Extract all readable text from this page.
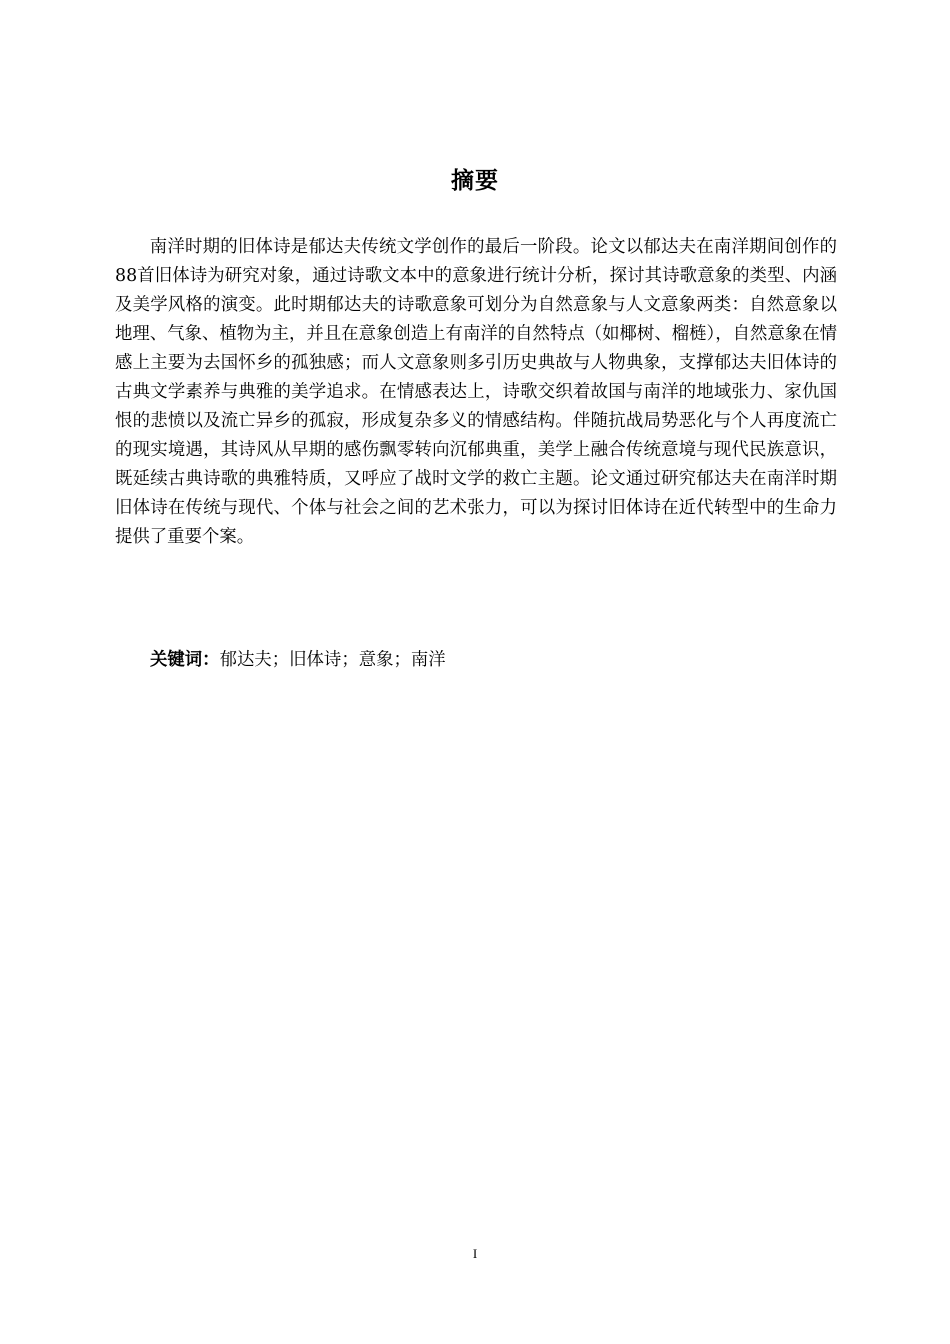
摘要

南洋时期的旧体诗是郁达夫传统文学创作的最后一阶段。论文以郁达夫在南洋期间创作的88首旧体诗为研究对象，通过诗歌文本中的意象进行统计分析，探讨其诗歌意象的类型、内涵及美学风格的演变。此时期郁达夫的诗歌意象可划分为自然意象与人文意象两类：自然意象以地理、气象、植物为主，并且在意象创造上有南洋的自然特点（如椰树、榴梿），自然意象在情感上主要为去国怀乡的孤独感；而人文意象则多引历史典故与人物典象，支撑郁达夫旧体诗的古典文学素养与典雅的美学追求。在情感表达上，诗歌交织着故国与南洋的地域张力、家仇国恨的悲愤以及流亡异乡的孤寂，形成复杂多义的情感结构。伴随抗战局势恶化与个人再度流亡的现实境遇，其诗风从早期的感伤飘零转向沉郁典重，美学上融合传统意境与现代民族意识，既延续古典诗歌的典雅特质，又呼应了战时文学的救亡主题。论文通过研究郁达夫在南洋时期旧体诗在传统与现代、个体与社会之间的艺术张力，可以为探讨旧体诗在近代转型中的生命力提供了重要个案。

关键词：郁达夫；旧体诗；意象；南洋

I
